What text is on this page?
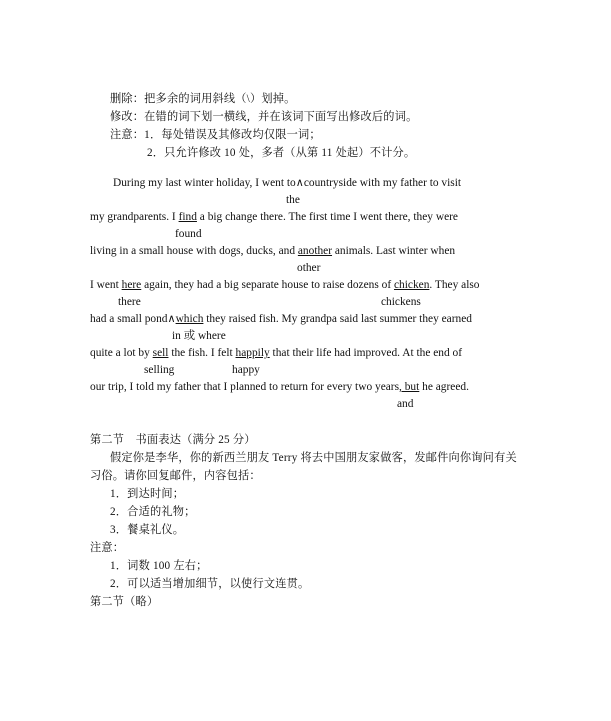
删除：把多余的词用斜线（\）划掉。
修改：在错的词下划一横线，并在该词下面写出修改后的词。
注意：1．每处错误及其修改均仅限一词；
2．只允许修改 10 处，多者（从第 11 处起）不计分。
During my last winter holiday, I went to∧countryside with my father to visit
the
my grandparents. I find a big change there. The first time I went there, they were
found
living in a small house with dogs, ducks, and another animals. Last winter when
other
I went here again, they had a big separate house to raise dozens of chicken. They also
there	chickens
had a small pond∧which they raised fish. My grandpa said last summer they earned
in 或 where
quite a lot by sell the fish. I felt happily that their life had improved. At the end of
selling	happy
our trip, I told my father that I planned to return for every two years, but he agreed.
and
第二节　书面表达（满分 25 分）
假定你是李华，你的新西兰朋友 Terry 将去中国朋友家做客，发邮件向你询问有关
习俗。请你回复邮件，内容包括：
1．到达时间；
2．合适的礼物；
3．餐桌礼仪。
注意：
1．词数 100 左右；
2．可以适当增加细节，以使行文连贯。
第二节（略）
